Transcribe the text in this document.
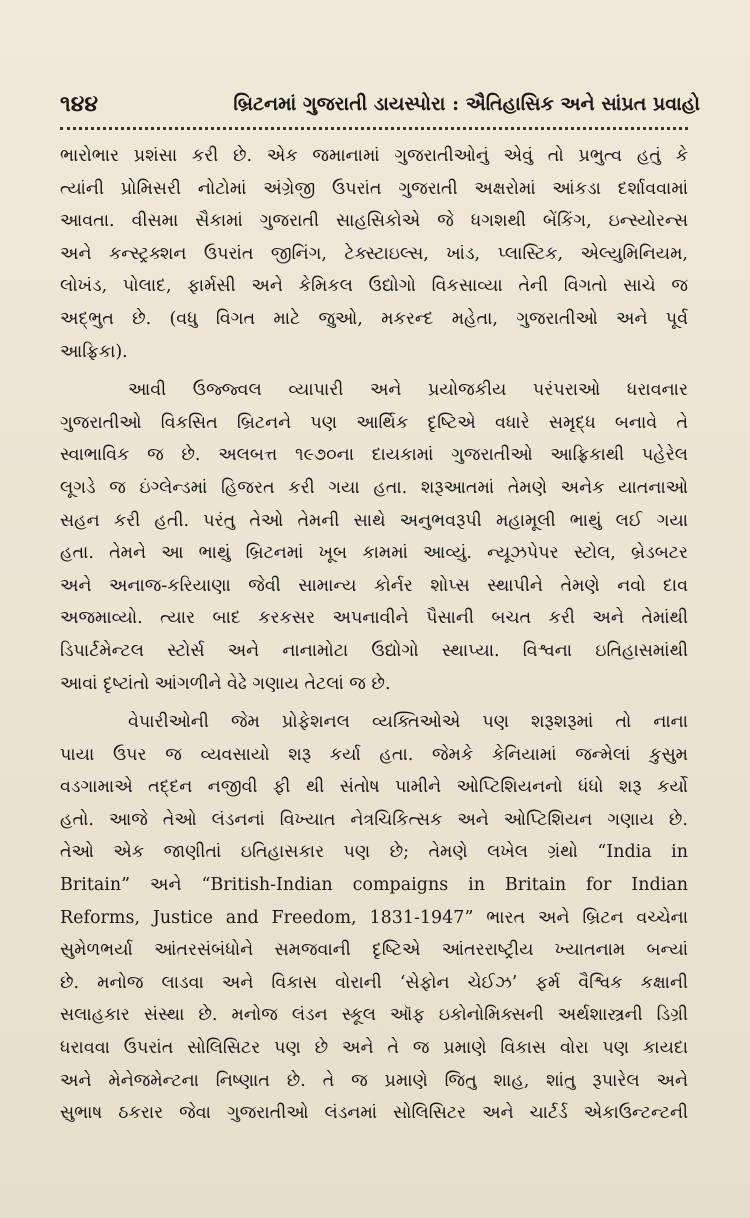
૧૪૪	બ્રિટનમાં ગુજરાતી ડાયસ્પોરા : ઐતિહાસિક અને સાંપ્રત પ્રવાહો
ભારોભાર પ્રશંસા કરી છે. એક જમાનામાં ગુજરાતીઓનું એવું તો પ્રભુત્વ હતું કે
ત્યાંની પ્રોમિસરી નોટોમાં અંગ્રેજી ઉપરાંત ગુજરાતી અક્ષરોમાં આંકડા દર્શાવવામાં
આવતા. વીસમા સૈકામાં ગુજરાતી સાહસિકોએ જે ધગશથી બેંકિંગ, ઇન્સ્યોરન્સ
અને કન્સ્ટ્રક્શન ઉપરાંત જીનિંગ, ટેક્સ્ટાઇલ્સ, ખાંડ, પ્લાસ્ટિક, એલ્યુમિનિયમ,
લોખંડ, પોલાદ, ફાર્મસી અને કેમિકલ ઉદ્યોગો વિકસાવ્યા તેની વિગતો સાચે જ
અદ્ભુત છે. (વધુ વિગત માટે જુઓ, મકરન્દ મહેતા, ગુજરાતીઓ અને પૂર્વ
આફ્રિકા).
આવી ઉજ્જ્વલ વ્યાપારી અને પ્રયોજકીય પરંપરાઓ ધરાવનાર
ગુજરાતીઓ વિકસિત બ્રિટનને પણ આર્થિક દૃષ્ટિએ વધારે સમૃદ્ધ બનાવે તે
સ્વાભાવિક જ છે. અલબત્ત ૧૯૭૦ના દાયકામાં ગુજરાતીઓ આફ્રિકાથી પહેરેલ
લૂગડે જ ઇંગ્લેન્ડમાં હિજરત કરી ગયા હતા. શરૂઆતમાં તેમણે અનેક યાતનાઓ
સહન કરી હતી. પરંતુ તેઓ તેમની સાથે અનુભવરૂપી મહામૂલી ભાથું લઈ ગયા
હતા. તેમને આ ભાથું બ્રિટનમાં ખૂબ કામમાં આવ્યું. ન્યૂઝપેપર સ્ટોલ, બ્રેડબટર
અને અનાજ-કરિયાણા જેવી સામાન્ય કોર્નર શોપ્સ સ્થાપીને તેમણે નવો દાવ
અજમાવ્યો. ત્યાર બાદ કરકસર અપનાવીને પૈસાની બચત કરી અને તેમાંથી
ડિપાર્ટમેન્ટલ સ્ટોર્સ અને નાનામોટા ઉદ્યોગો સ્થાપ્યા. વિશ્વના ઇતિહાસમાંથી
આવાં દૃષ્ટાંતો આંગળીને વેઢે ગણાય તેટલાં જ છે.
વેપારીઓની જેમ પ્રોફેશનલ વ્યક્તિઓએ પણ શરૂશરૂમાં તો નાના
પાયા ઉપર જ વ્યવસાયો શરૂ કર્યા હતા. જેમકે કેનિયામાં જન્મેલાં કુસુમ
વડગામાએ તદ્દન નજીવી ફી થી સંતોષ પામીને ઓપ્ટિશિયનનો ધંધો શરૂ કર્યો
હતો. આજે તેઓ લંડનનાં વિખ્યાત નેત્રચિકિત્સક અને ઓપ્ટિશિયન ગણાય છે.
તેઓ એક જાણીતાં ઇતિહાસકાર પણ છે; તેમણે લખેલ ગ્રંથો “India in
Britain” અને “British-Indian compaigns in Britain for Indian
Reforms, Justice and Freedom, 1831-1947” ભારત અને બ્રિટન વચ્ચેના
સુમેળભર્યા આંતરસંબંધોને સમજવાની દૃષ્ટિએ આંતરરાષ્ટ્રીય ખ્યાતનામ બન્યાં
છે. મનોજ લાડવા અને વિકાસ વોરાની ‘સેફોન ચેઈઝ’ ફર્મ વૈશ્વિક કક્ષાની
સલાહકાર સંસ્થા છે. મનોજ લંડન સ્કૂલ ઑફ ઇકોનોમિક્સની અર્થશાસ્ત્રની ડિગ્રી
ધરાવવા ઉપરાંત સોલિસિટર પણ છે અને તે જ પ્રમાણે વિકાસ વોરા પણ કાયદા
અને મેનેજમેન્ટના નિષ્ણાત છે. તે જ પ્રમાણે જિતુ શાહ, શાંતુ રૂપારેલ અને
સુભાષ ઠકરાર જેવા ગુજરાતીઓ લંડનમાં સોલિસિટર અને ચાર્ટર્ડ એકાઉન્ટન્ટની
